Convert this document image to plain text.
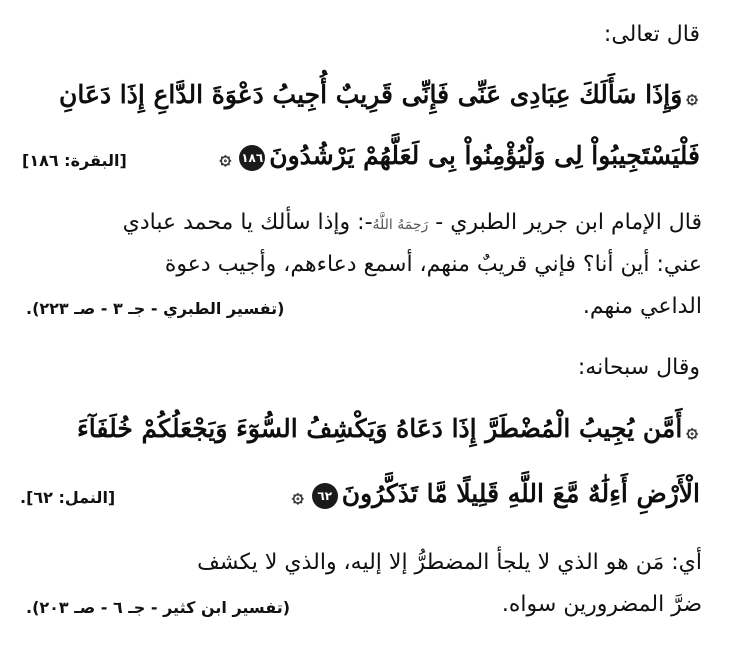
قال تعالى:
۞وَإِذَا سَأَلَكَ عِبَادِى عَنِّى فَإِنِّى قَرِيبٌ أُجِيبُ دَعْوَةَ الدَّاعِ إِذَا دَعَانِ
فَلْيَسْتَجِيبُواْ لِى وَلْيُؤْمِنُواْ بِى لَعَلَّهُمْ يَرْشُدُونَ١٨٦۞
[البقرة: ١٨٦]
قال الإمام ابن جرير الطبري - رَحِمَهُ اللَّهُ-: وإذا سألك يا محمد عبادي
عني: أين أنا؟ فإني قريبٌ منهم، أسمع دعاءهم، وأجيب دعوة
الداعي منهم.
(تفسير الطبري - جـ ٣ - صـ ٢٢٣).
وقال سبحانه:
۞أَمَّن يُجِيبُ الْمُضْطَرَّ إِذَا دَعَاهُ وَيَكْشِفُ السُّوٓءَ وَيَجْعَلُكُمْ خُلَفَآءَ
الْأَرْضِ أَءِلَٰهٌ مَّعَ اللَّهِ قَلِيلًا مَّا تَذَكَّرُونَ٦٢۞
[النمل: ٦٢].
أي: مَن هو الذي لا يلجأ المضطرُّ إلا إليه، والذي لا يكشف
ضرَّ المضرورين سواه.
(تفسير ابن كثير - جـ ٦ - صـ ٢٠٣).
